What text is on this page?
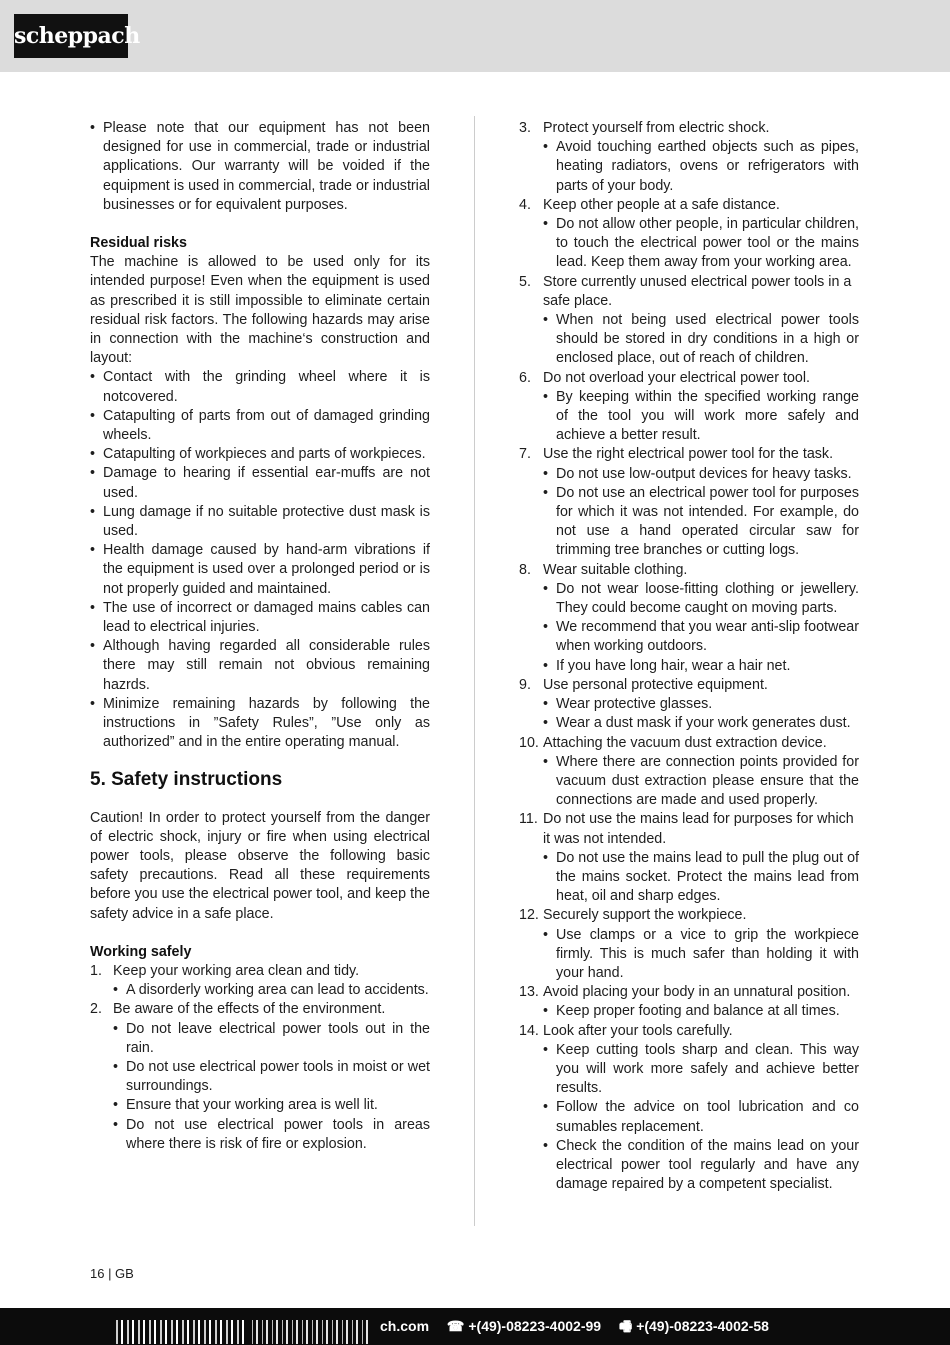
scheppach
• Please note that our equipment has not been designed for use in commercial, trade or industrial applications. Our warranty will be voided if the equipment is used in commercial, trade or industrial businesses or for equivalent purposes.
Residual risks

The machine is allowed to be used only for its intended purpose! Even when the equipment is used as prescribed it is still impossible to eliminate certain residual risk factors. The following hazards may arise in connection with the machine‘s construction and layout:

• Contact with the grinding wheel where it is notcovered.
• Catapulting of parts from out of damaged grinding wheels.
• Catapulting of workpieces and parts of workpieces.
• Damage to hearing if essential ear-muffs are not used.
• Lung damage if no suitable protective dust mask is used.
• Health damage caused by hand-arm vibrations if the equipment is used over a prolonged period or is not properly guided and maintained.
• The use of incorrect or damaged mains cables can lead to electrical injuries.
• Although having regarded all considerable rules there may still remain not obvious remaining hazrds.
• Minimize remaining hazards by following the instructions in ”Safety Rules”, ”Use only as authorized” and in the entire operating manual.
5. Safety instructions

Caution! In order to protect yourself from the danger of electric shock, injury or fire when using electrical power tools, please observe the following basic safety precautions. Read all these requirements before you use the electrical power tool, and keep the safety advice in a safe place.

Working safely
1. Keep your working area clean and tidy.
• A disorderly working area can lead to accidents.
2. Be aware of the effects of the environment.
• Do not leave electrical power tools out in the rain.
• Do not use electrical power tools in moist or wet surroundings.
• Ensure that your working area is well lit.
• Do not use electrical power tools in areas where there is risk of fire or explosion.
3. Protect yourself from electric shock.
• Avoid touching earthed objects such as pipes, heating radiators, ovens or refrigerators with parts of your body.
4. Keep other people at a safe distance.
• Do not allow other people, in particular children, to touch the electrical power tool or the mains lead. Keep them away from your working area.
5. Store currently unused electrical power tools in a safe place.
• When not being used electrical power tools should be stored in dry conditions in a high or enclosed place, out of reach of children.
6. Do not overload your electrical power tool.
• By keeping within the specified working range of the tool you will work more safely and achieve a better result.
7. Use the right electrical power tool for the task.
• Do not use low-output devices for heavy tasks.
• Do not use an electrical power tool for purposes for which it was not intended. For example, do not use a hand operated circular saw for trimming tree branches or cutting logs.
8. Wear suitable clothing.
• Do not wear loose-fitting clothing or jewellery. They could become caught on moving parts.
• We recommend that you wear anti-slip footwear when working outdoors.
• If you have long hair, wear a hair net.
9. Use personal protective equipment.
• Wear protective glasses.
• Wear a dust mask if your work generates dust.
10. Attaching the vacuum dust extraction device.
• Where there are connection points provided for vacuum dust extraction please ensure that the connections are made and used properly.
11. Do not use the mains lead for purposes for which it was not intended.
• Do not use the mains lead to pull the plug out of the mains socket. Protect the mains lead from heat, oil and sharp edges.
12. Securely support the workpiece.
• Use clamps or a vice to grip the workpiece firmly. This is much safer than holding it with your hand.
13. Avoid placing your body in an unnatural position.
• Keep proper footing and balance at all times.
14. Look after your tools carefully.
• Keep cutting tools sharp and clean. This way you will work more safely and achieve better results.
• Follow the advice on tool lubrication and co sumables replacement.
• Check the condition of the mains lead on your electrical power tool regularly and have any damage repaired by a competent specialist.
16 | GB
ch.com ☎ +(49)-08223-4002-99 🖷 +(49)-08223-4002-58
